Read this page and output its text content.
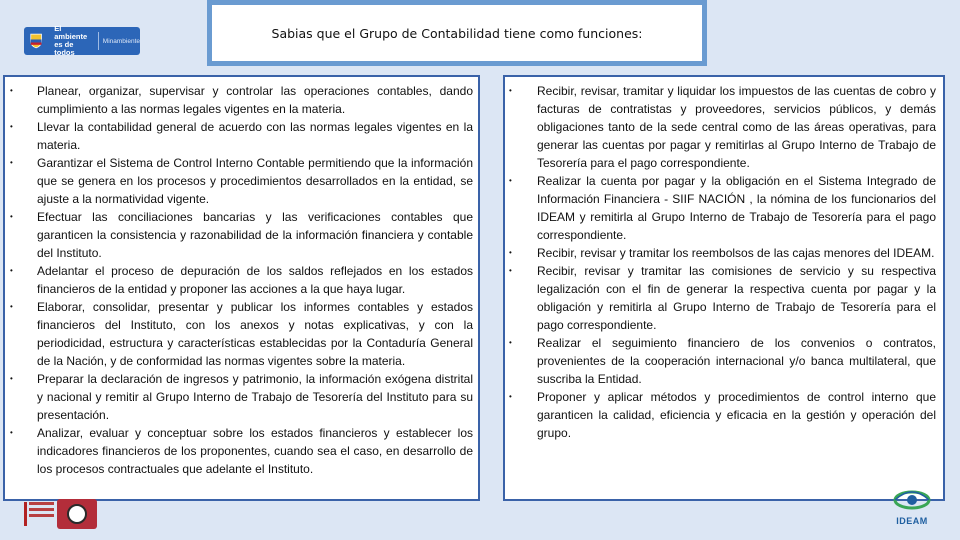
El ambiente
es de todos
Minambiente
Sabias que el Grupo de Contabilidad tiene como funciones:
•	Planear, organizar, supervisar y controlar las operaciones contables, dando cumplimiento a las normas legales vigentes en la materia.
•	Llevar la contabilidad general de acuerdo con las normas legales vigentes en la materia.
•	Garantizar el Sistema de Control Interno Contable permitiendo que la información que se genera en los procesos y procedimientos desarrollados en la entidad, se ajuste a la normatividad vigente.
•	Efectuar las conciliaciones bancarias y las verificaciones contables que garanticen la consistencia y razonabilidad de la información financiera y contable del Instituto.
•	Adelantar el proceso de depuración de los saldos reflejados en los estados financieros de la entidad y proponer las acciones a la que haya lugar.
•	Elaborar, consolidar, presentar y publicar los informes contables y estados financieros del Instituto, con los anexos y notas explicativas, y con la periodicidad, estructura y características establecidas por la Contaduría General de la Nación, y de conformidad las normas vigentes sobre la materia.
•	Preparar la declaración de ingresos y patrimonio, la información exógena distrital y nacional y remitir al Grupo Interno de Trabajo de Tesorería del Instituto para su presentación.
•	Analizar, evaluar y conceptuar sobre los estados financieros y establecer los indicadores financieros de los proponentes, cuando sea el caso, en desarrollo de los procesos contractuales que adelante el Instituto.
•	Recibir, revisar, tramitar y liquidar los impuestos de las cuentas de cobro y facturas de contratistas y proveedores, servicios públicos, y demás obligaciones tanto de la sede central como de las áreas operativas, para generar las cuentas por pagar y remitirlas al Grupo Interno de Trabajo de Tesorería para el pago correspondiente.
•	Realizar la cuenta por pagar y la obligación en el Sistema Integrado de Información Financiera - SIIF NACIÓN , la nómina de los funcionarios del IDEAM y remitirla al Grupo Interno de Trabajo de Tesorería para el pago correspondiente.
•	Recibir, revisar y tramitar los reembolsos de las cajas menores del IDEAM.
•	Recibir, revisar y tramitar las comisiones de servicio y su respectiva legalización con el fin de generar la respectiva cuenta por pagar y la obligación y remitirla al Grupo Interno de Trabajo de Tesorería para el pago correspondiente.
•	Realizar el seguimiento financiero de los convenios o contratos, provenientes de la cooperación internacional y/o banca multilateral, que suscriba la Entidad.
•	Proponer y aplicar métodos y procedimientos de control interno que garanticen la calidad, eficiencia y eficacia en la gestión y operación del grupo.
IDEAM
